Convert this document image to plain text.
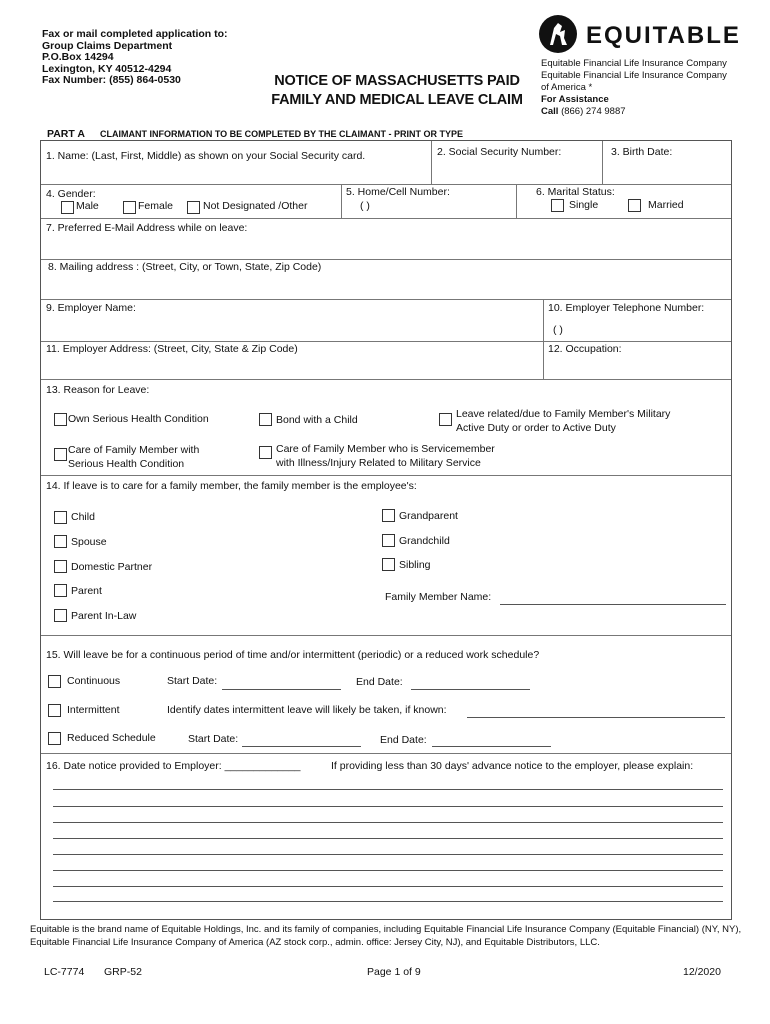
Fax or mail completed application to:
Group Claims Department
P.O.Box 14294
Lexington, KY 40512-4294
Fax Number: (855) 864-0530	NOTICE OF MASSACHUSETTS PAID
FAMILY AND MEDICAL LEAVE CLAIM
EQUITABLE
Equitable Financial Life Insurance Company
Equitable Financial Life Insurance Company
of America *
For Assistance
Call (866) 274 9887
PART A CLAIMANT INFORMATION TO BE COMPLETED BY THE CLAIMANT - PRINT OR TYPE
1. Name: (Last, First, Middle) as shown on your Social Security card.	2. Social Security Number:	3. Birth Date:
4. Gender:
Male	Female	Not Designated /Other
5. Home/Cell Number:
( )
6. Marital Status:
Single	Married
7. Preferred E-Mail Address while on leave:
8. Mailing address : (Street, City, or Town, State, Zip Code)
9. Employer Name:	10. Employer Telephone Number:
( )
11. Employer Address: (Street, City, State & Zip Code)	12. Occupation:
13. Reason for Leave:
Own Serious Health Condition	Bond with a Child	Leave related/due to Family Member's Military
Active Duty or order to Active Duty
Care of Family Member with
Serious Health Condition
Care of Family Member who is Servicemember
with Illness/Injury Related to Military Service
14. If leave is to care for a family member, the family member is the employee's:
Child
Spouse
Domestic Partner
Parent
Parent In-Law
Grandparent
Grandchild
Sibling
Family Member Name:
15. Will leave be for a continuous period of time and/or intermittent (periodic) or a reduced work schedule?
Continuous	Start Date:	End Date:
Intermittent	Identify dates intermittent leave will likely be taken, if known:
Reduced Schedule	Start Date:	End Date:
16. Date notice provided to Employer: _____________	If providing less than 30 days' advance notice to the employer, please explain:
Equitable is the brand name of Equitable Holdings, Inc. and its family of companies, including Equitable Financial Life Insurance Company (Equitable Financial) (NY, NY), Equitable Financial Life Insurance Company of America (AZ stock corp., admin. office: Jersey City, NJ), and Equitable Distributors, LLC.
LC-7774 GRP-52	Page 1 of 9	12/2020
